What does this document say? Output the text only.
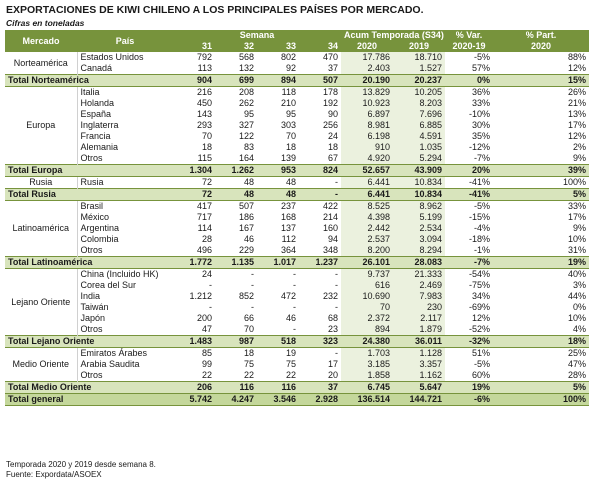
EXPORTACIONES DE KIWI CHILENO A LOS PRINCIPALES PAÍSES POR MERCADO.
Cifras en toneladas
Mercado	País	Semana				Acum Temporada (S34)		% Var.	% Part.
		31	32	33	34	2020	2019	2020-19	2020
Norteamérica	Estados Unidos	792	568	802	470	17.786	18.710	-5%	88%
	Canadá	113	132	92	37	2.403	1.527	57%	12%
Total Norteamérica		904	699	894	507	20.190	20.237	0%	15%
Europa	Italia	216	208	118	178	13.829	10.205	36%	26%
	Holanda	450	262	210	192	10.923	8.203	33%	21%
	España	143	95	95	90	6.897	7.696	-10%	13%
	Inglaterra	293	327	303	256	8.981	6.885	30%	17%
	Francia	70	122	70	24	6.198	4.591	35%	12%
	Alemania	18	83	18	18	910	1.035	-12%	2%
	Otros	115	164	139	67	4.920	5.294	-7%	9%
Total Europa		1.304	1.262	953	824	52.657	43.909	20%	39%
Rusia	Rusia	72	48	48	-	6.441	10.834	-41%	100%
Total Rusia		72	48	48	-	6.441	10.834	-41%	5%
Latinoamérica	Brasil	417	507	237	422	8.525	8.962	-5%	33%
	México	717	186	168	214	4.398	5.199	-15%	17%
	Argentina	114	167	137	160	2.442	2.534	-4%	9%
	Colombia	28	46	112	94	2.537	3.094	-18%	10%
	Otros	496	229	364	348	8.200	8.294	-1%	31%
Total Latinoamérica		1.772	1.135	1.017	1.237	26.101	28.083	-7%	19%
Lejano Oriente	China (Incluido HK)	24	-	-	-	9.737	21.333	-54%	40%
	Corea del Sur	-	-	-	-	616	2.469	-75%	3%
	India	1.212	852	472	232	10.690	7.983	34%	44%
	Taiwán	-	-	-	-	70	230	-69%	0%
	Japón	200	66	46	68	2.372	2.117	12%	10%
	Otros	47	70	-	23	894	1.879	-52%	4%
Total Lejano Oriente		1.483	987	518	323	24.380	36.011	-32%	18%
Medio Oriente	Emiratos Árabes	85	18	19	-	1.703	1.128	51%	25%
	Arabia Saudita	99	75	75	17	3.185	3.357	-5%	47%
	Otros	22	22	22	20	1.858	1.162	60%	28%
Total Medio Oriente		206	116	116	37	6.745	5.647	19%	5%
Total general		5.742	4.247	3.546	2.928	136.514	144.721	-6%	100%
Temporada 2020 y 2019 desde semana 8.
Fuente: Expordata/ASOEX
